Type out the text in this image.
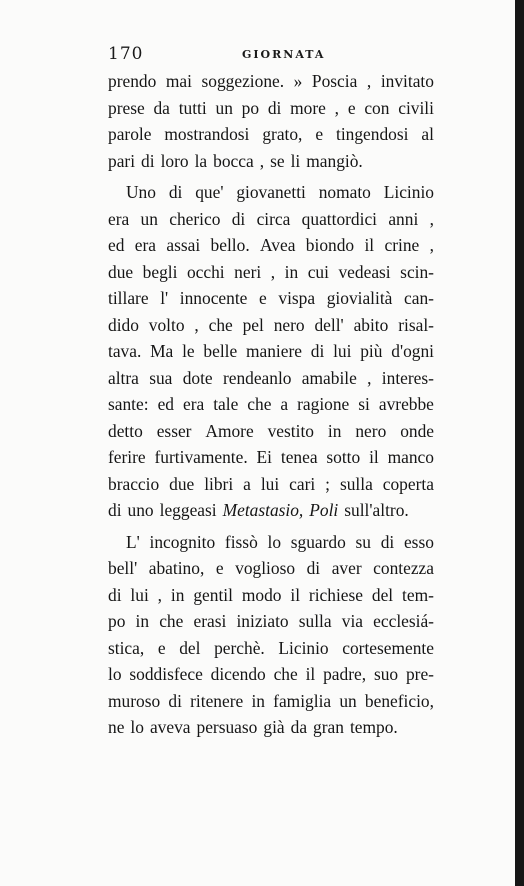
170	GIORNATA
prendo mai soggezione. » Poscia , invitato
prese da tutti un po di more , e con civili
parole mostrandosi grato, e tingendosi al
pari di loro la bocca , se li mangiò.
Uno di que' giovanetti nomato Licinio
era un cherico di circa quattordici anni ,
ed era assai bello. Avea biondo il crine ,
due begli occhi neri , in cui vedeasi scin-
tillare l' innocente e vispa giovialità can-
dido volto , che pel nero dell' abito risal-
tava. Ma le belle maniere di lui più d'ogni
altra sua dote rendeanlo amabile , interes-
sante: ed era tale che a ragione si avrebbe
detto esser Amore vestito in nero onde
ferire furtivamente. Ei tenea sotto il manco
braccio due libri a lui cari ; sulla coperta
di uno leggeasi Metastasio, Poli sull'altro.
L' incognito fissò lo sguardo su di esso
bell' abatino, e voglioso di aver contezza
di lui , in gentil modo il richiese del tem-
po in che erasi iniziato sulla via ecclesiá-
stica, e del perchè. Licinio cortesemente
lo soddisfece dicendo che il padre, suo pre-
muroso di ritenere in famiglia un beneficio,
ne lo aveva persuaso già da gran tempo.
